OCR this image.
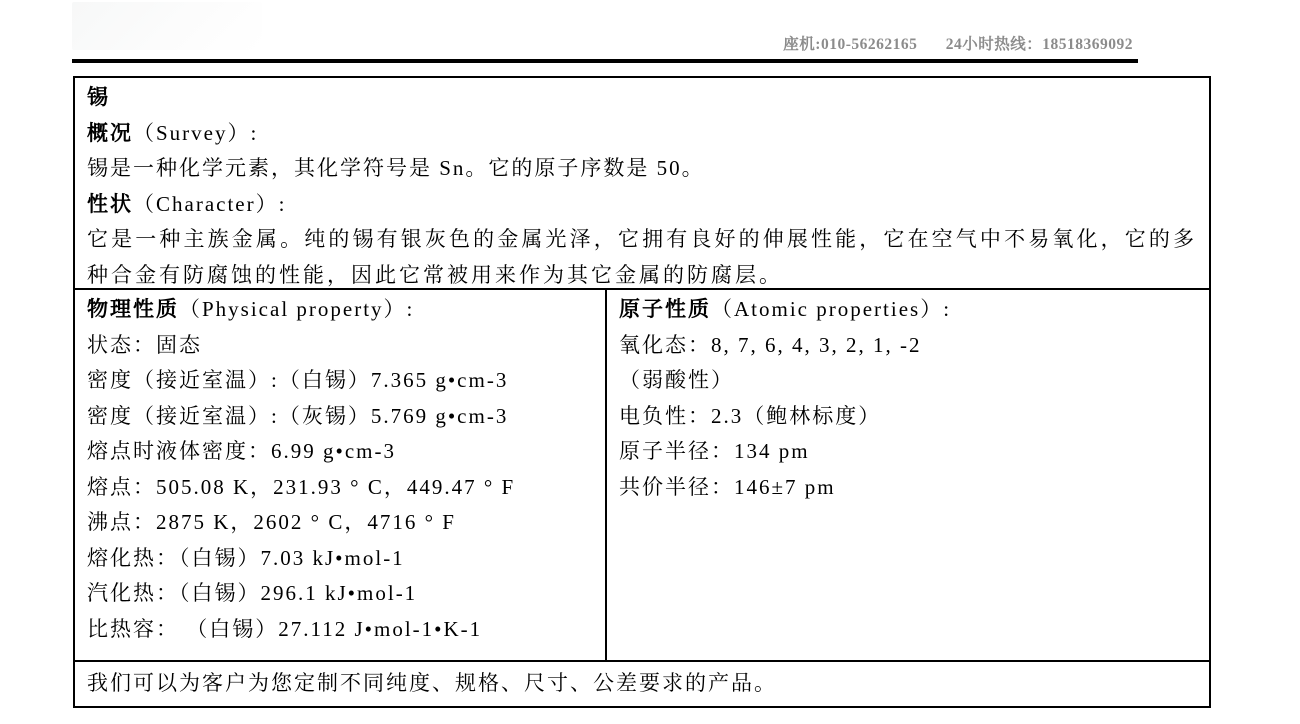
座机:010-56262165 24小时热线：18518369092
锡
概况（Survey）:
锡是一种化学元素，其化学符号是 Sn。它的原子序数是 50。
性状（Character）:
它是一种主族金属。纯的锡有银灰色的金属光泽，它拥有良好的伸展性能，它在空气中不易氧化，它的多种合金有防腐蚀的性能，因此它常被用来作为其它金属的防腐层。
物理性质（Physical property）:
状态：固态
密度（接近室温）:（白锡）7.365 g•cm-3
密度（接近室温）:（灰锡）5.769 g•cm-3
熔点时液体密度：6.99 g•cm-3
熔点：505.08 K，231.93 ° C，449.47 ° F
沸点：2875 K，2602 ° C，4716 ° F
熔化热：（白锡）7.03 kJ•mol-1
汽化热：（白锡）296.1 kJ•mol-1
比热容： （白锡）27.112 J•mol-1•K-1
原子性质（Atomic properties）:
氧化态：8, 7, 6, 4, 3, 2, 1, -2
（弱酸性）
电负性：2.3（鲍林标度）
原子半径：134 pm
共价半径：146±7 pm
我们可以为客户为您定制不同纯度、规格、尺寸、公差要求的产品。
